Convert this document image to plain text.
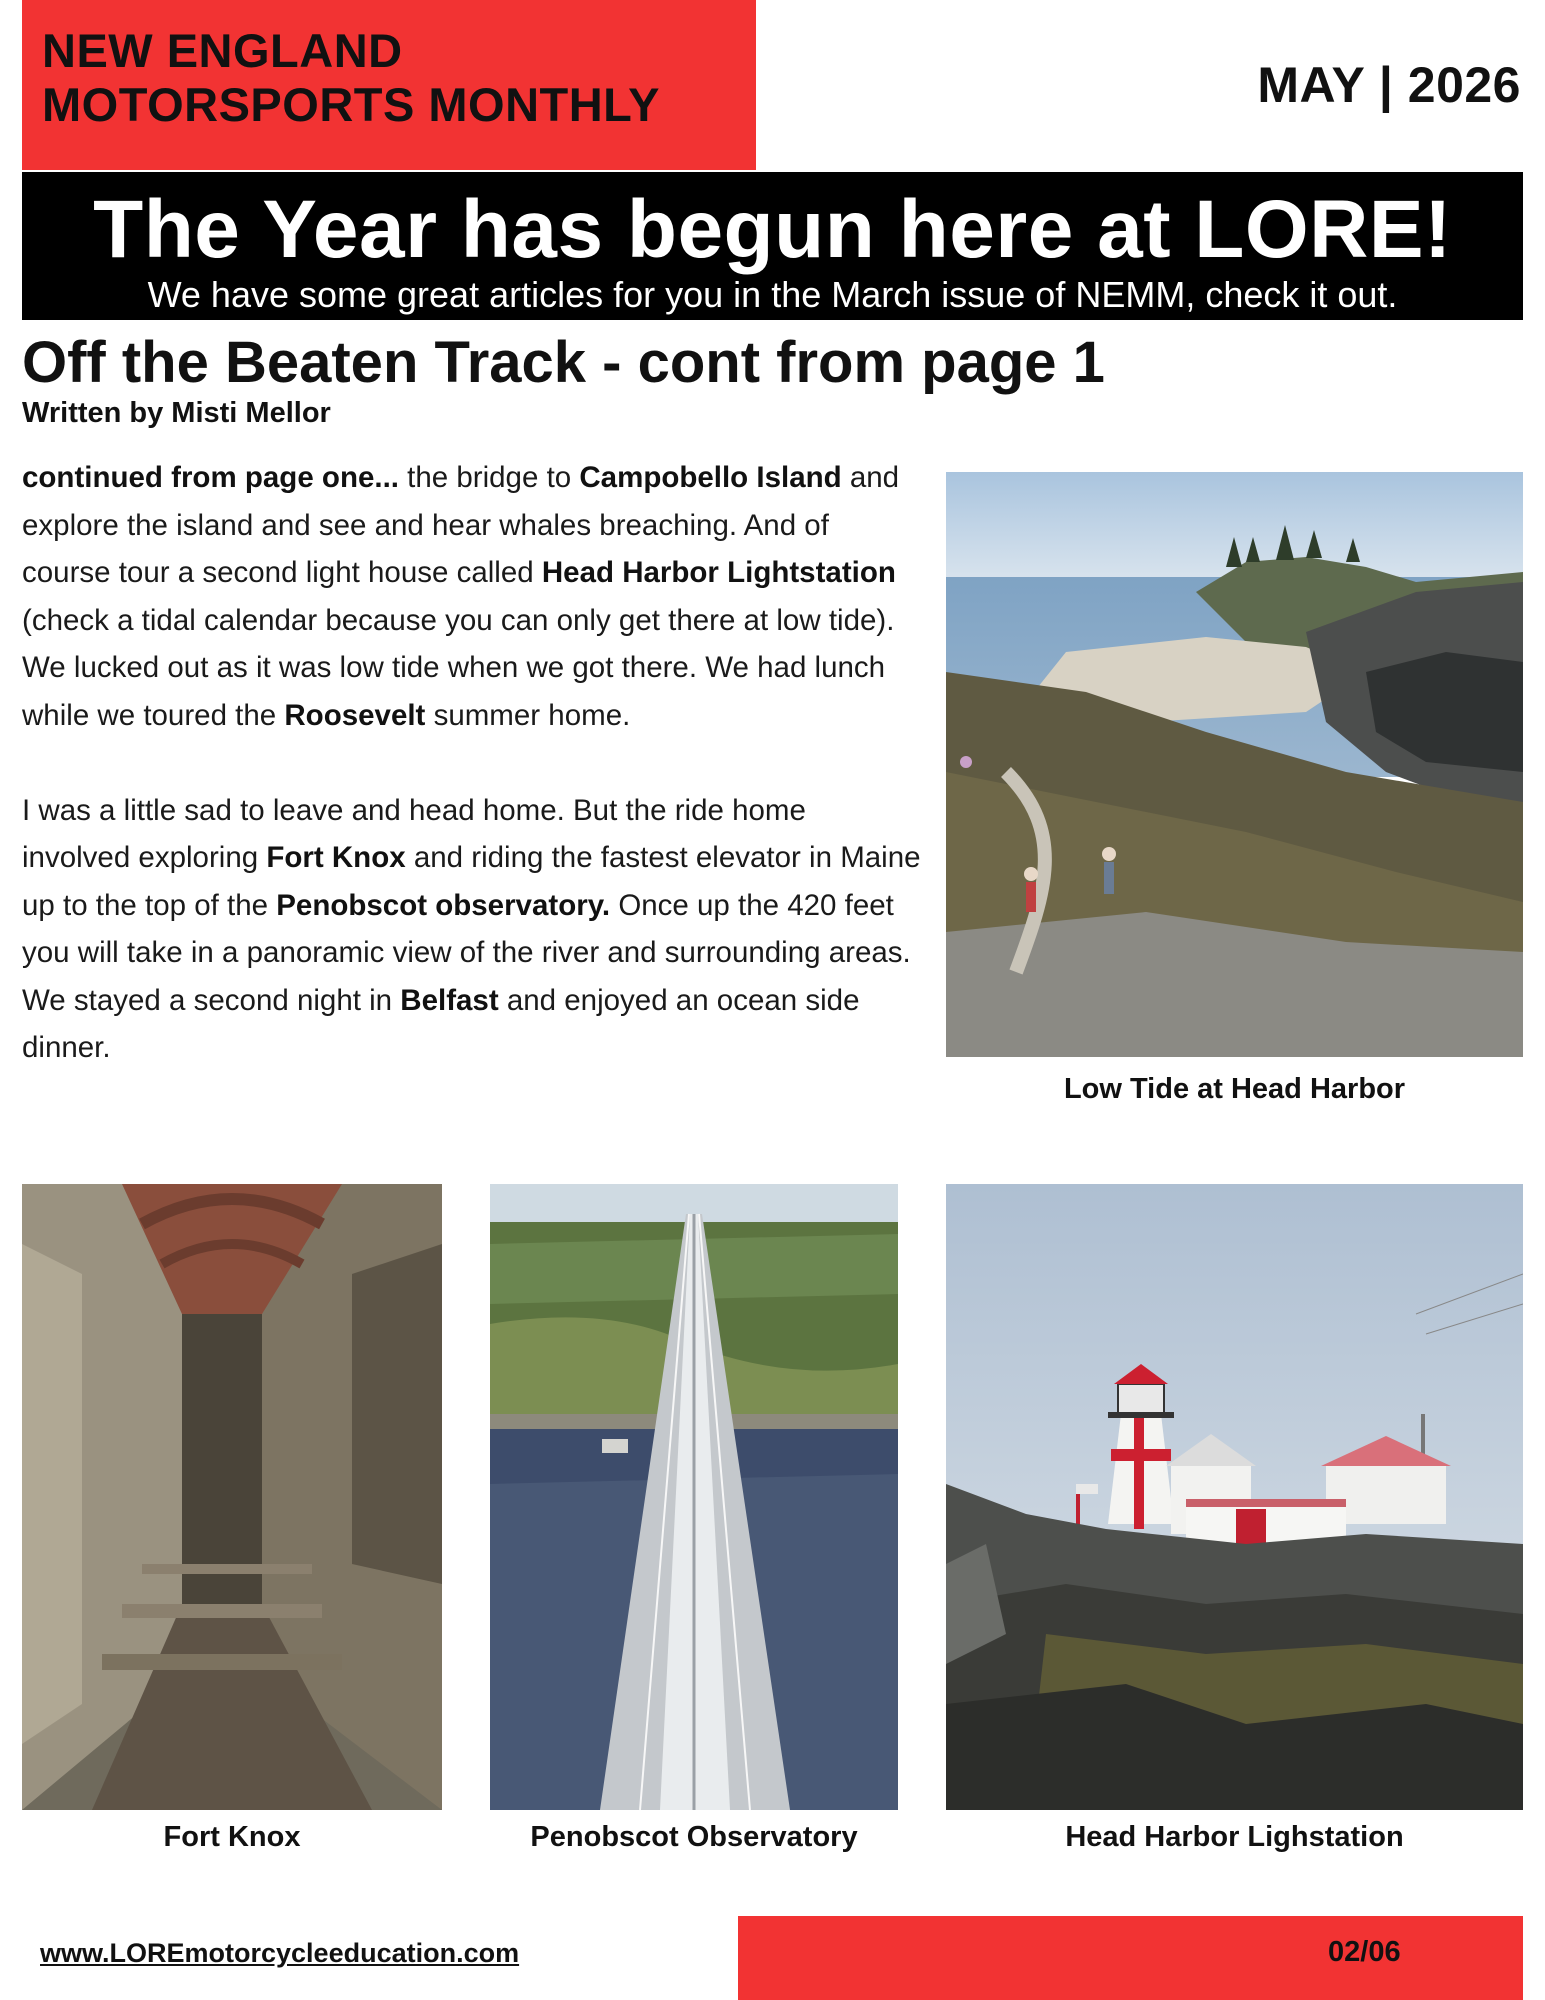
NEW ENGLAND
MOTORSPORTS MONTHLY	MAY | 2026
The Year has begun here at LORE!
We have some great articles for you in the March issue of NEMM, check it out.
Off the Beaten Track - cont from page 1
Written by Misti Mellor

continued from page one... the bridge to Campobello Island and explore the island and see and hear whales breaching. And of course tour a second light house called Head Harbor Lightstation (check a tidal calendar because you can only get there at low tide). We lucked out as it was low tide when we got there. We had lunch while we toured the Roosevelt summer home.

I was a little sad to leave and head home. But the ride home involved exploring Fort Knox and riding the fastest elevator in Maine up to the top of the Penobscot observatory. Once up the 420 feet you will take in a panoramic view of the river and surrounding areas. We stayed a second night in Belfast and enjoyed an ocean side dinner.

Low Tide at Head Harbor
Fort Knox	Penobscot Observatory	Head Harbor Lighstation
www.LOREmotorcycleeducation.com	02/06
